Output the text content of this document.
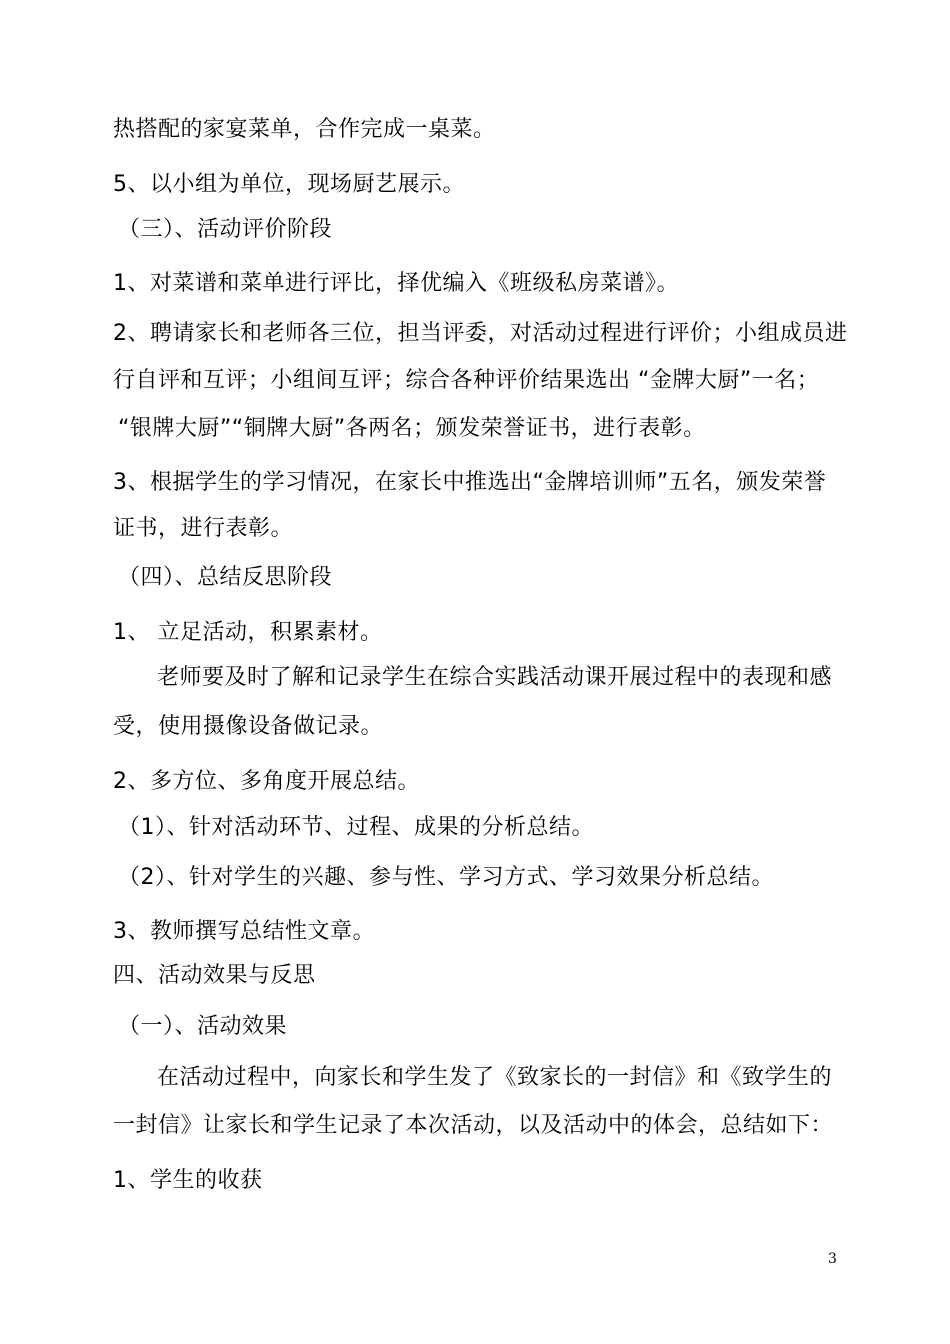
热搭配的家宴菜单，合作完成一桌菜。
5、以小组为单位，现场厨艺展示。
（三）、活动评价阶段
1、对菜谱和菜单进行评比，择优编入《班级私房菜谱》。
2、聘请家长和老师各三位，担当评委，对活动过程进行评价；小组成员进
行自评和互评；小组间互评；综合各种评价结果选出 “金牌大厨”一名；
“银牌大厨”“铜牌大厨”各两名；颁发荣誉证书，进行表彰。
3、根据学生的学习情况，在家长中推选出“金牌培训师”五名，颁发荣誉
证书，进行表彰。
（四）、总结反思阶段
1、 立足活动，积累素材。
老师要及时了解和记录学生在综合实践活动课开展过程中的表现和感
受，使用摄像设备做记录。
2、多方位、多角度开展总结。
（1）、针对活动环节、过程、成果的分析总结。
（2）、针对学生的兴趣、参与性、学习方式、学习效果分析总结。
3、教师撰写总结性文章。
四、活动效果与反思
（一）、活动效果
在活动过程中，向家长和学生发了《致家长的一封信》和《致学生的
一封信》让家长和学生记录了本次活动，以及活动中的体会，总结如下：
1、学生的收获
3
